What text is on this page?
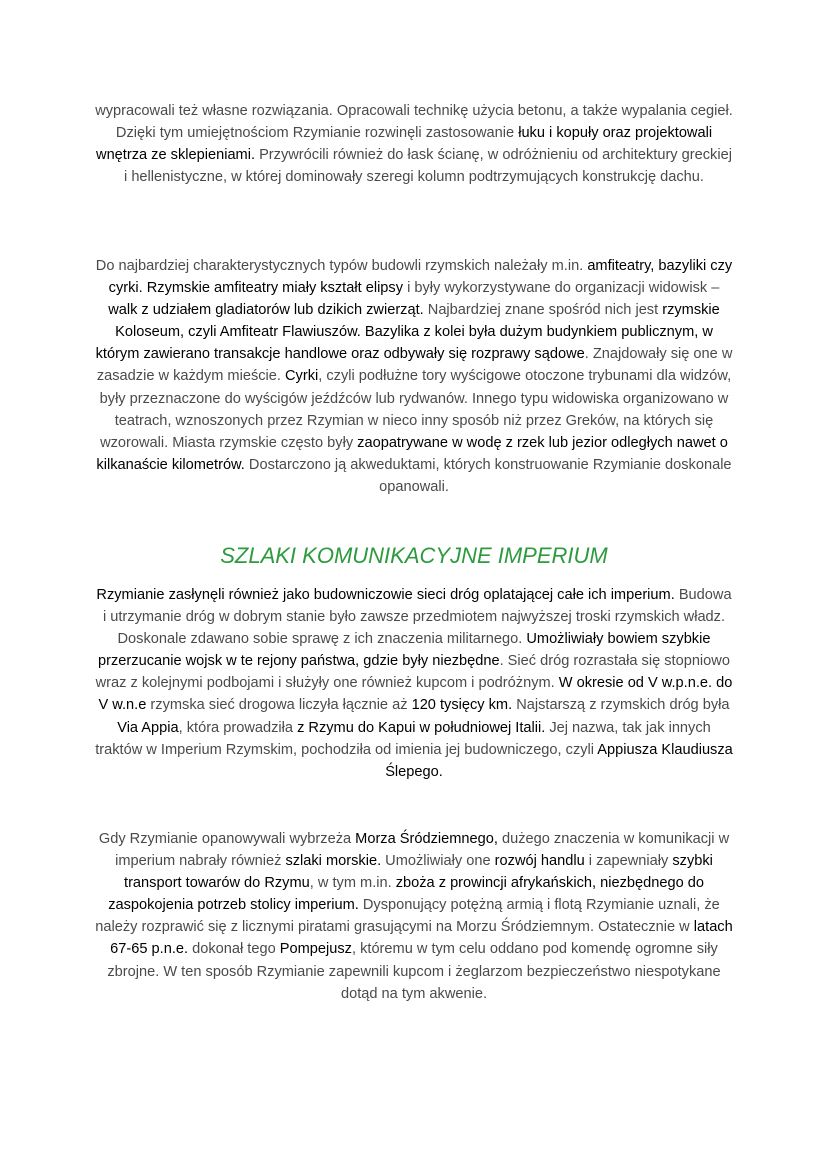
wypracowali też własne rozwiązania. Opracowali technikę użycia betonu, a także wypalania cegieł. Dzięki tym umiejętnościom Rzymianie rozwinęli zastosowanie łuku i kopuły oraz projektowali wnętrza ze sklepieniami. Przywrócili również do łask ścianę, w odróżnieniu od architektury greckiej i hellenistyczne, w której dominowały szeregi kolumn podtrzymujących konstrukcję dachu.

Do najbardziej charakterystycznych typów budowli rzymskich należały m.in. amfiteatry, bazyliki czy cyrki. Rzymskie amfiteatry miały kształt elipsy i były wykorzystywane do organizacji widowisk – walk z udziałem gladiatorów lub dzikich zwierząt. Najbardziej znane spośród nich jest rzymskie Koloseum, czyli Amfiteatr Flawiuszów. Bazylika z kolei była dużym budynkiem publicznym, w którym zawierano transakcje handlowe oraz odbywały się rozprawy sądowe. Znajdowały się one w zasadzie w każdym mieście. Cyrki, czyli podłużne tory wyścigowe otoczone trybunami dla widzów, były przeznaczone do wyścigów jeźdźców lub rydwanów. Innego typu widowiska organizowano w teatrach, wznoszonych przez Rzymian w nieco inny sposób niż przez Greków, na których się wzorowali. Miasta rzymskie często były zaopatrywane w wodę z rzek lub jezior odległych nawet o kilkanaście kilometrów. Dostarczono ją akweduktami, których konstruowanie Rzymianie doskonale opanowali.

SZLAKI KOMUNIKACYJNE IMPERIUM

Rzymianie zasłynęli również jako budowniczowie sieci dróg oplatającej całe ich imperium. Budowa i utrzymanie dróg w dobrym stanie było zawsze przedmiotem najwyższej troski rzymskich władz. Doskonale zdawano sobie sprawę z ich znaczenia militarnego. Umożliwiały bowiem szybkie przerzucanie wojsk w te rejony państwa, gdzie były niezbędne. Sieć dróg rozrastała się stopniowo wraz z kolejnymi podbojami i służyły one również kupcom i podróżnym. W okresie od V w.p.n.e. do V w.n.e rzymska sieć drogowa liczyła łącznie aż 120 tysięcy km. Najstarszą z rzymskich dróg była Via Appia, która prowadziła z Rzymu do Kapui w południowej Italii. Jej nazwa, tak jak innych traktów w Imperium Rzymskim, pochodziła od imienia jej budowniczego, czyli Appiusza Klaudiusza Ślepego.

Gdy Rzymianie opanowywali wybrzeża Morza Śródziemnego, dużego znaczenia w komunikacji w imperium nabrały również szlaki morskie. Umożliwiały one rozwój handlu i zapewniały szybki transport towarów do Rzymu, w tym m.in. zboża z prowincji afrykańskich, niezbędnego do zaspokojenia potrzeb stolicy imperium. Dysponujący potężną armią i flotą Rzymianie uznali, że należy rozprawić się z licznymi piratami grasującymi na Morzu Śródziemnym. Ostatecznie w latach 67-65 p.n.e. dokonał tego Pompejusz, któremu w tym celu oddano pod komendę ogromne siły zbrojne. W ten sposób Rzymianie zapewnili kupcom i żeglarzom bezpieczeństwo niespotykane dotąd na tym akwenie.
